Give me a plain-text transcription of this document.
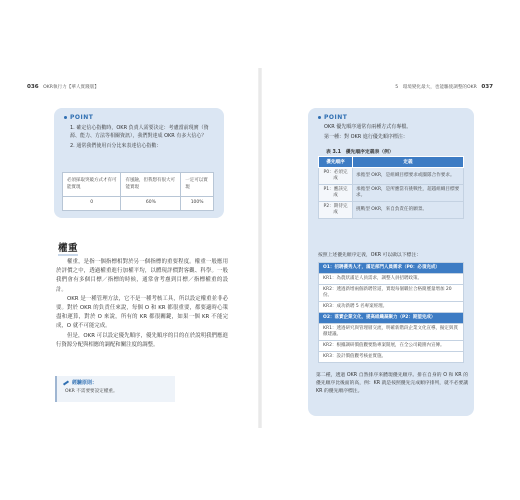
036 OKR執行力【華人實踐版】
POINT

1. 確定信心指數時，OKR 負責人需要決定：考慮當前現實（資源、能力、方法等相關資訊），我們對達成 OKR 有多大信心？

2. 通常我們使用百分比來表達信心指數：

必須採取突破方式才有可能實現	有風險，但我想有很大可能實現	一定可以實現
0	60%	100%
權重

權重，是指一個指標相對於另一個指標的重要程度。權重一般應用於評價之中，透過權重進行加權平均，以體現評價對客觀、科學。一般我們會有多個目標／指標的時候，通常會考慮到目標／指標權重的設計。

OKR 是一種管理方法，它不是一種考核工具，所以設定權重並非必要。對於 OKR 的負責任來說，每個 O 和 KR 都很重要，都要適時心策盡和運算，對於 O 來說，所有的 KR 都很關鍵，如果一個 KR 不能完成，O 就不可能完成。

但是，OKR 可以設定優先順序，優先順序的目的在於說明我們應進行資源分配與相應的調配和關注度的調整。

經驗原則：
OKR 不需要要設定權重。
5　環境變化最大，也能驅使調整的OKR 037
POINT

OKR 優先順序通常有兩種方式有專檔。

第一種：對 OKR 進行優先順序標注：

表 3.1　優先順序定義表（例）
優先順序	定義
P0：必須完成	承擔型 OKR，是組織目標要求或團隊合作要求。
P1：應該完成	承擔型 OKR，是所應當有挑戰性，超越組織目標要求。
P2：期待完成	挑戰型 OKR，來自負責任的願景。
按照上述優先順序定義，OKR 可以做以下標注：
O1：招聘優秀人才，滿足部門人員需求（P0：必須完成）
KR1：為農狀滿足人員需求，調整人員招聘政策。
KR2：透過新增兩個新聘管道，實現每個職位合格簡歷量增加 20 份。
KR3：成功新聘 5 名專案經理。
O2：落實企業文化，提高組織凝聚力（P2：期望完成）
KR1：透過研究與管理層交流，明確新階段企業文化宣導，擬定與貫徹建議。
KR2：根據調研價值觀要點專案開展，在全公司範圍內宣傳。
KR3：設計價值觀考核並實施。
第二種，透過 OKR 自然排序來體現優先順序。排在自身的 O 和 KR 的優先順序比後面的高，例：KR 就是按照優先完成順序排列，就不必要讓 KR 的優先順序標注。
